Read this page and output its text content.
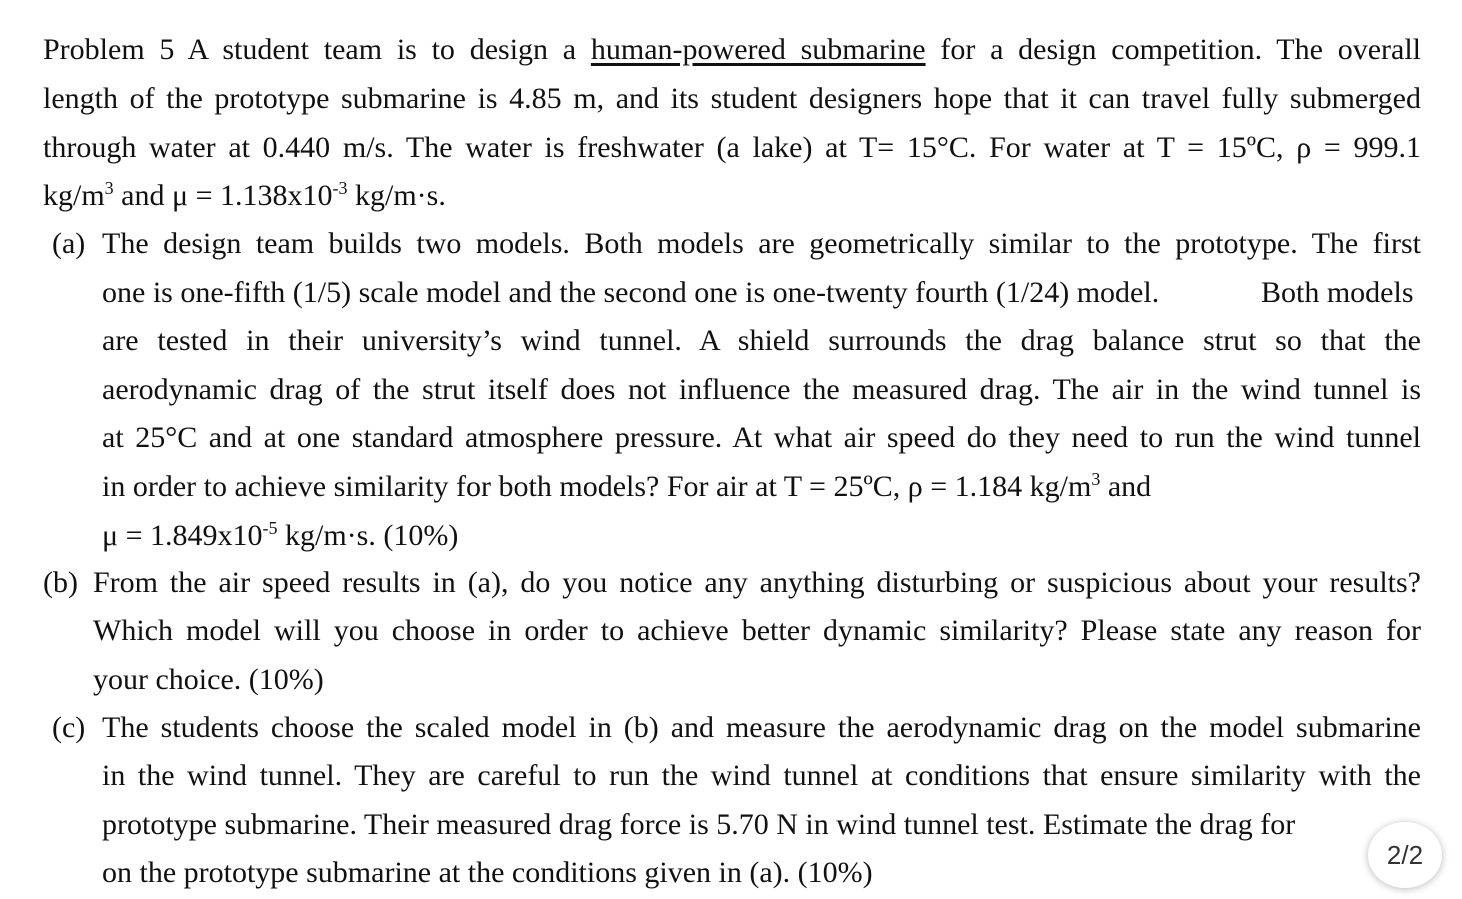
Problem 5 A student team is to design a human-powered submarine for a design competition. The overall

length of the prototype submarine is 4.85 m, and its student designers hope that it can travel fully submerged

through water at 0.440 m/s. The water is freshwater (a lake) at T= 15°C. For water at T = 15ºC, ρ = 999.1

$kg/m^3$ and $\mu = 1.138x10^{-3}$ kg/m·s.

(a) The design team builds two models. Both models are geometrically similar to the prototype. The first

one is one-fifth (1/5) scale model and the second one is one-twenty fourth (1/24) model.	Both models

are tested in their university’s wind tunnel. A shield surrounds the drag balance strut so that the

aerodynamic drag of the strut itself does not influence the measured drag. The air in the wind tunnel is

at 25°C and at one standard atmosphere pressure. At what air speed do they need to run the wind tunnel

in order to achieve similarity for both models? For air at T = 25ºC, ρ = 1.184 $kg/m^3$ and

$\mu = 1.849x10^{-5}$ kg/m·s. (10%)

(b) From the air speed results in (a), do you notice any anything disturbing or suspicious about your results?

Which model will you choose in order to achieve better dynamic similarity? Please state any reason for

your choice. (10%)

(c) The students choose the scaled model in (b) and measure the aerodynamic drag on the model submarine

in the wind tunnel. They are careful to run the wind tunnel at conditions that ensure similarity with the

prototype submarine. Their measured drag force is 5.70 N in wind tunnel test. Estimate the drag for

on the prototype submarine at the conditions given in (a). (10%)

2/2
